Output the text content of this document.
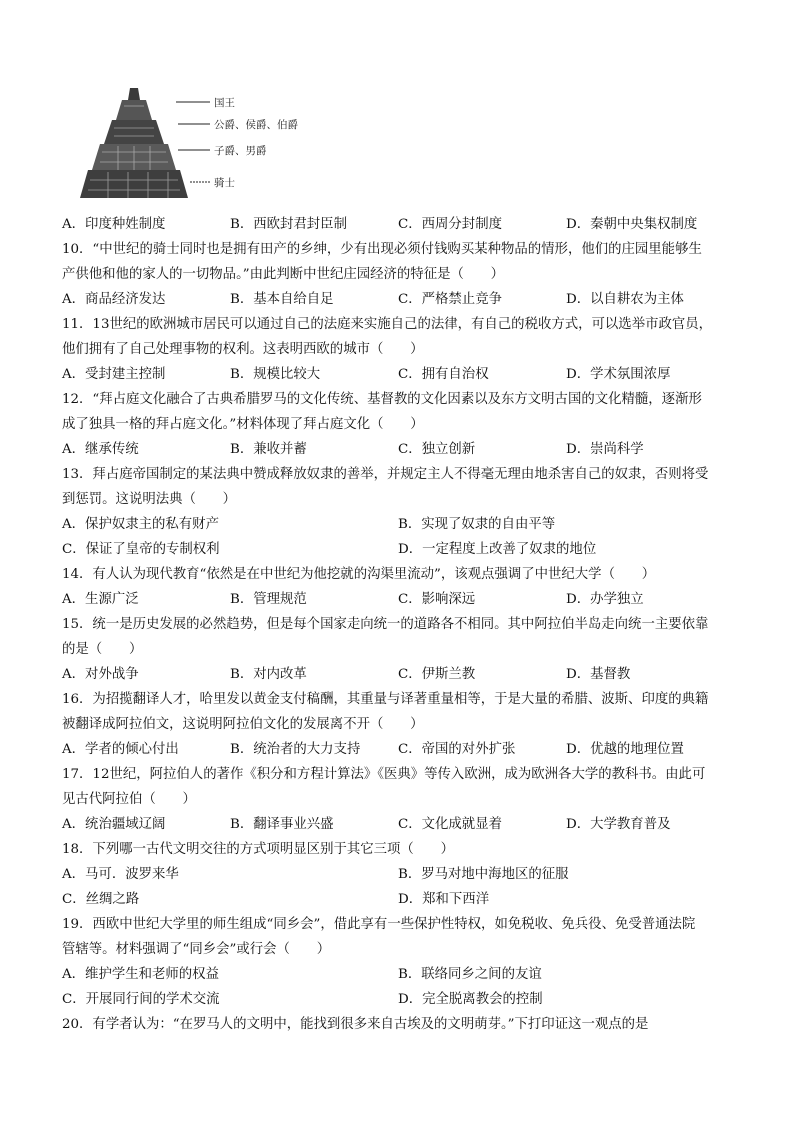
国王
公爵、侯爵、伯爵
子爵、男爵
骑士
A．印度种姓制度	B．西欧封君封臣制	C．西周分封制度	D．秦朝中央集权制度
10．“中世纪的骑士同时也是拥有田产的乡绅，少有出现必须付钱购买某种物品的情形，他们的庄园里能够生
产供他和他的家人的一切物品。”由此判断中世纪庄园经济的特征是（　　）
A．商品经济发达	B．基本自给自足	C．严格禁止竞争	D．以自耕农为主体
11．13世纪的欧洲城市居民可以通过自己的法庭来实施自己的法律，有自己的税收方式，可以选举市政官员，
他们拥有了自己处理事物的权利。这表明西欧的城市（　　）
A．受封建主控制	B．规模比较大	C．拥有自治权	D．学术氛围浓厚
12．“拜占庭文化融合了古典希腊罗马的文化传统、基督教的文化因素以及东方文明古国的文化精髓，逐渐形
成了独具一格的拜占庭文化。”材料体现了拜占庭文化（　　）
A．继承传统	B．兼收并蓄	C．独立创新	D．崇尚科学
13．拜占庭帝国制定的某法典中赞成释放奴隶的善举，并规定主人不得毫无理由地杀害自己的奴隶，否则将受
到惩罚。这说明法典（　　）
A．保护奴隶主的私有财产	B．实现了奴隶的自由平等
C．保证了皇帝的专制权利	D．一定程度上改善了奴隶的地位
14．有人认为现代教育“依然是在中世纪为他挖就的沟渠里流动”，该观点强调了中世纪大学（　　）
A．生源广泛	B．管理规范	C．影响深远	D．办学独立
15．统一是历史发展的必然趋势，但是每个国家走向统一的道路各不相同。其中阿拉伯半岛走向统一主要依靠
的是（　　）
A．对外战争	B．对内改革	C．伊斯兰教	D．基督教
16．为招揽翻译人才，哈里发以黄金支付稿酬，其重量与译著重量相等，于是大量的希腊、波斯、印度的典籍
被翻译成阿拉伯文，这说明阿拉伯文化的发展离不开（　　）
A．学者的倾心付出	B．统治者的大力支持	C．帝国的对外扩张	D．优越的地理位置
17．12世纪，阿拉伯人的著作《积分和方程计算法》《医典》等传入欧洲，成为欧洲各大学的教科书。由此可
见古代阿拉伯（　　）
A．统治疆域辽阔	B．翻译事业兴盛	C．文化成就显着	D．大学教育普及
18．下列哪一古代文明交往的方式项明显区别于其它三项（　　）
A．马可．波罗来华	B．罗马对地中海地区的征服
C．丝绸之路	D．郑和下西洋
19．西欧中世纪大学里的师生组成“同乡会”，借此享有一些保护性特权，如免税收、免兵役、免受普通法院
管辖等。材料强调了“同乡会”或行会（　　）
A．维护学生和老师的权益	B．联络同乡之间的友谊
C．开展同行间的学术交流	D．完全脱离教会的控制
20．有学者认为：“在罗马人的文明中，能找到很多来自古埃及的文明萌芽。”下打印证这一观点的是
